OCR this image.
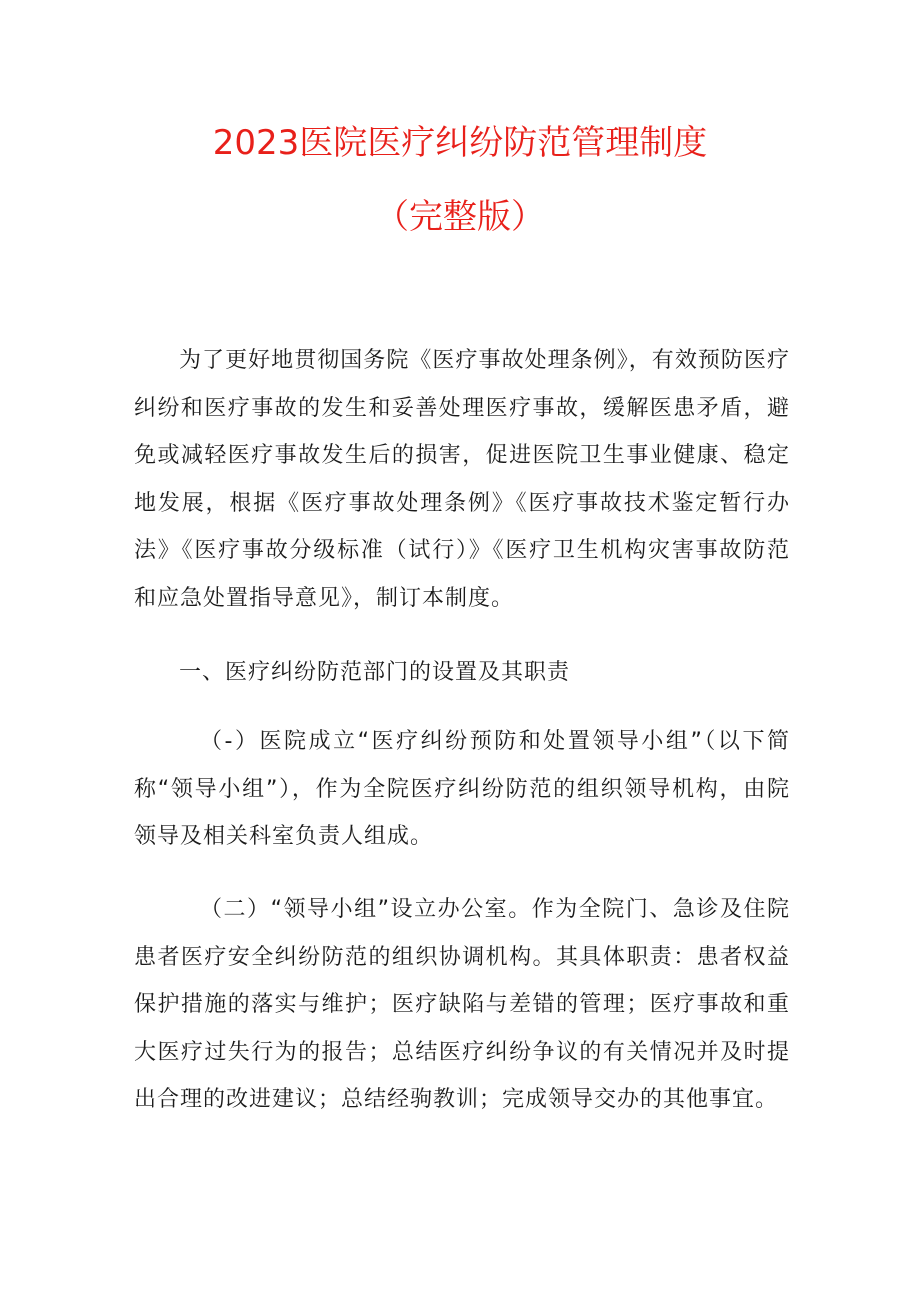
2023医院医疗纠纷防范管理制度
（完整版）

为了更好地贯彻国务院《医疗事故处理条例》，有效预防医疗纠纷和医疗事故的发生和妥善处理医疗事故，缓解医患矛盾，避免或减轻医疗事故发生后的损害，促进医院卫生事业健康、稳定地发展，根据《医疗事故处理条例》《医疗事故技术鉴定暂行办法》《医疗事故分级标准（试行）》《医疗卫生机构灾害事故防范和应急处置指导意见》，制订本制度。

一、医疗纠纷防范部门的设置及其职责

（-）医院成立“医疗纠纷预防和处置领导小组”（以下简称“领导小组”），作为全院医疗纠纷防范的组织领导机构，由院领导及相关科室负责人组成。

（二）“领导小组”设立办公室。作为全院门、急诊及住院患者医疗安全纠纷防范的组织协调机构。其具体职责：患者权益保护措施的落实与维护；医疗缺陷与差错的管理；医疗事故和重大医疗过失行为的报告；总结医疗纠纷争议的有关情况并及时提出合理的改进建议；总结经驹教训；完成领导交办的其他事宜。
